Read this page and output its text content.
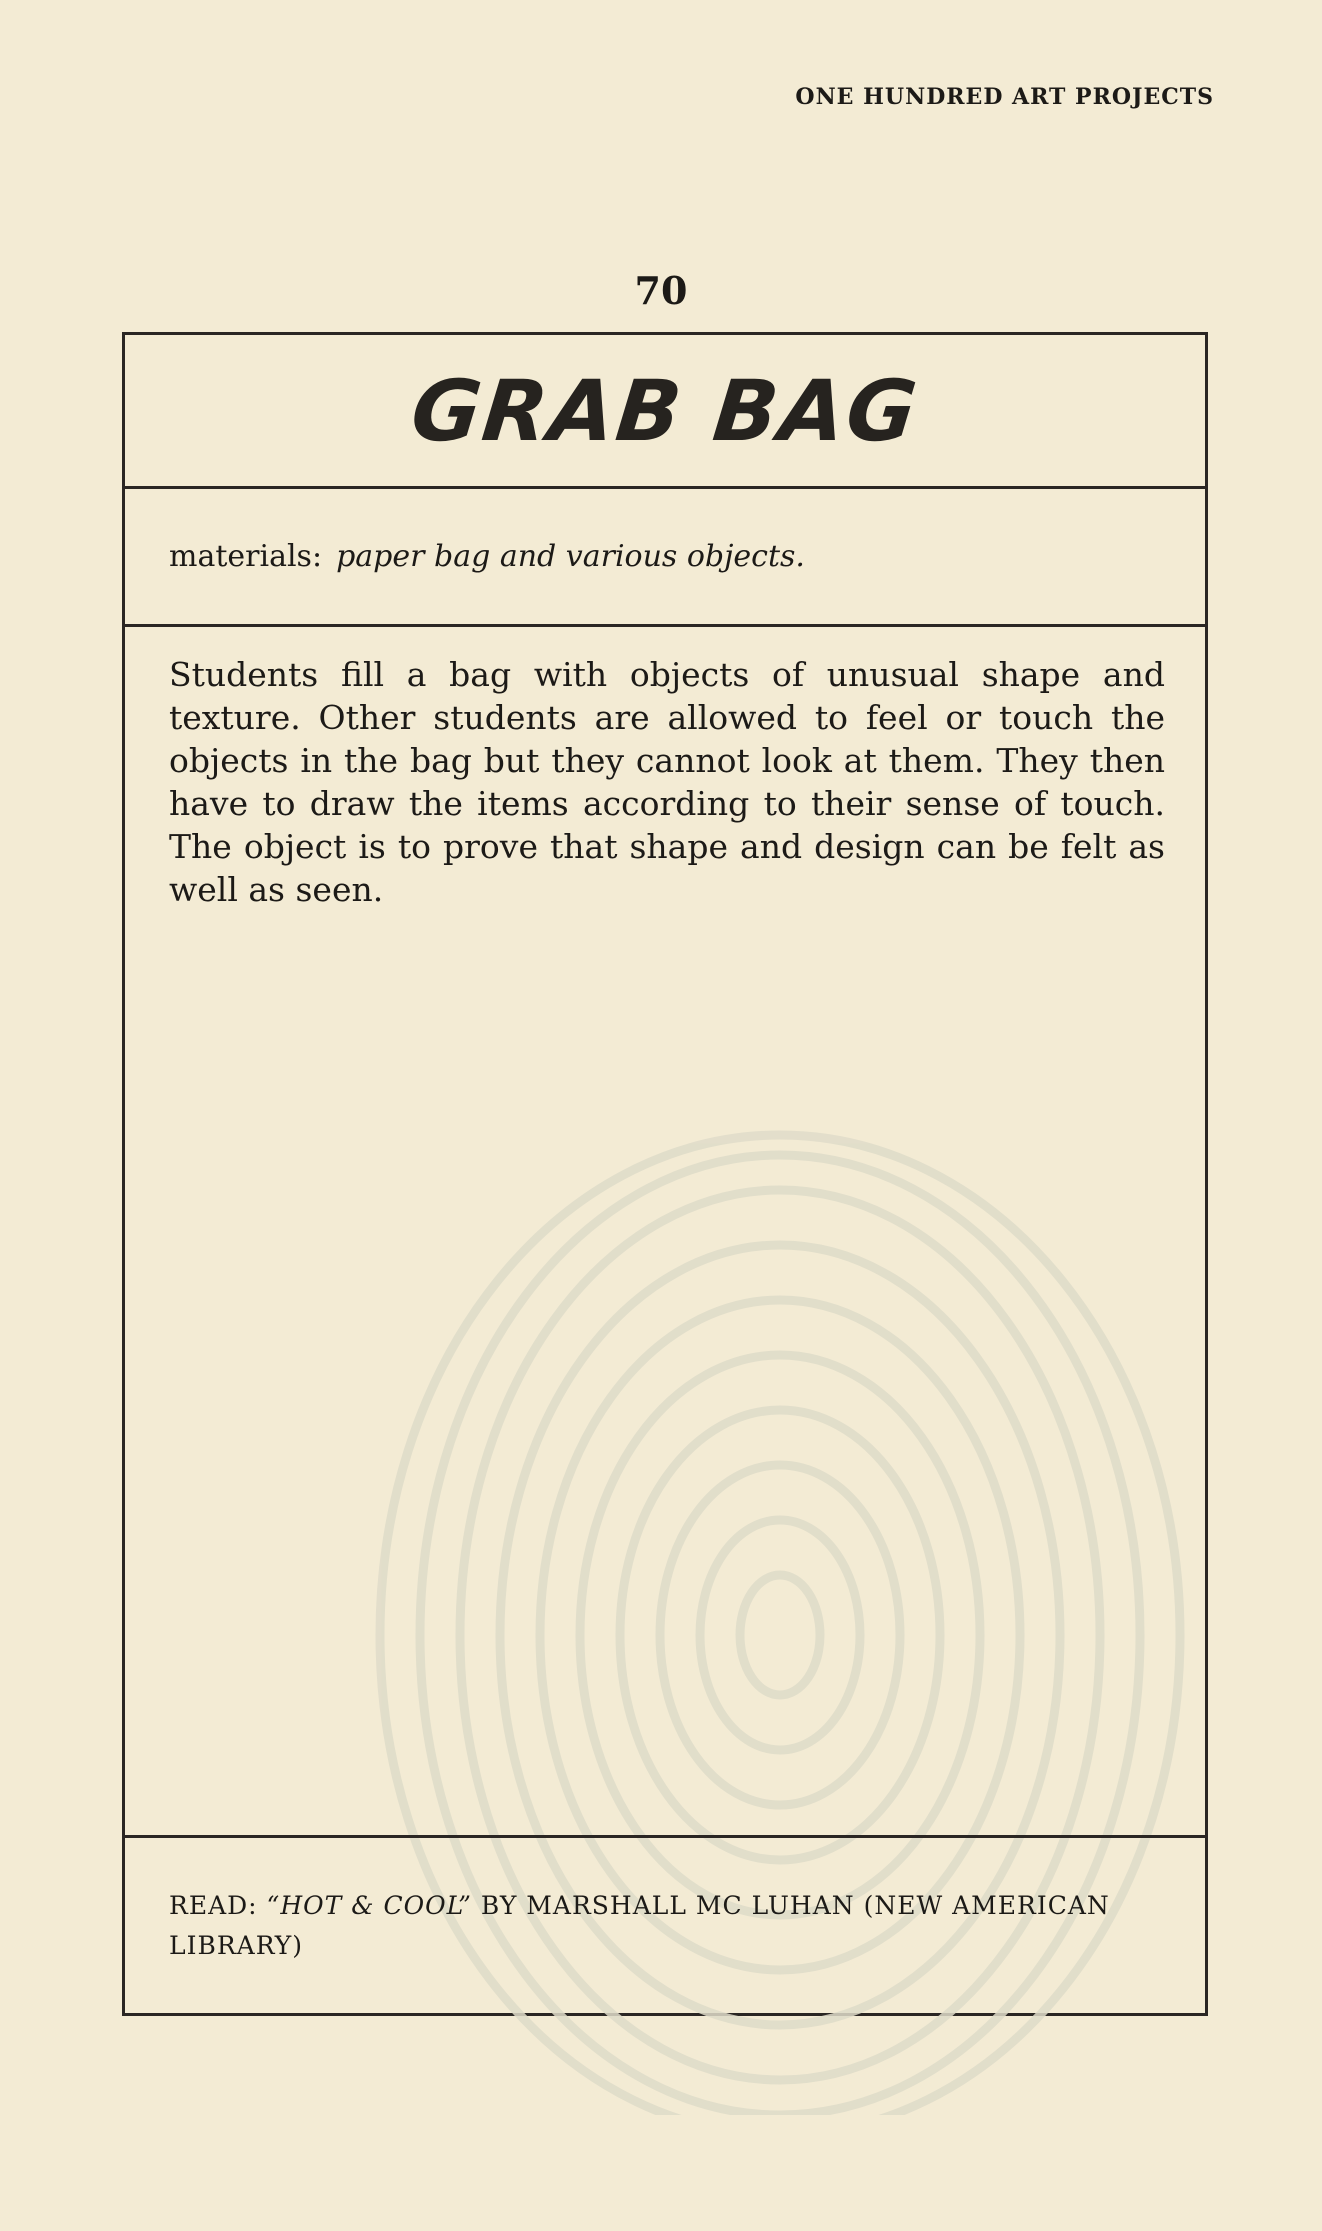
ONE HUNDRED ART PROJECTS
70
GRAB BAG
materials: paper bag and various objects.
Students fill a bag with objects of unusual shape and texture. Other students are allowed to feel or touch the objects in the bag but they cannot look at them. They then have to draw the items according to their sense of touch. The object is to prove that shape and design can be felt as well as seen.
READ: “HOT & COOL” BY MARSHALL MC LUHAN (NEW AMERICAN LIBRARY)
